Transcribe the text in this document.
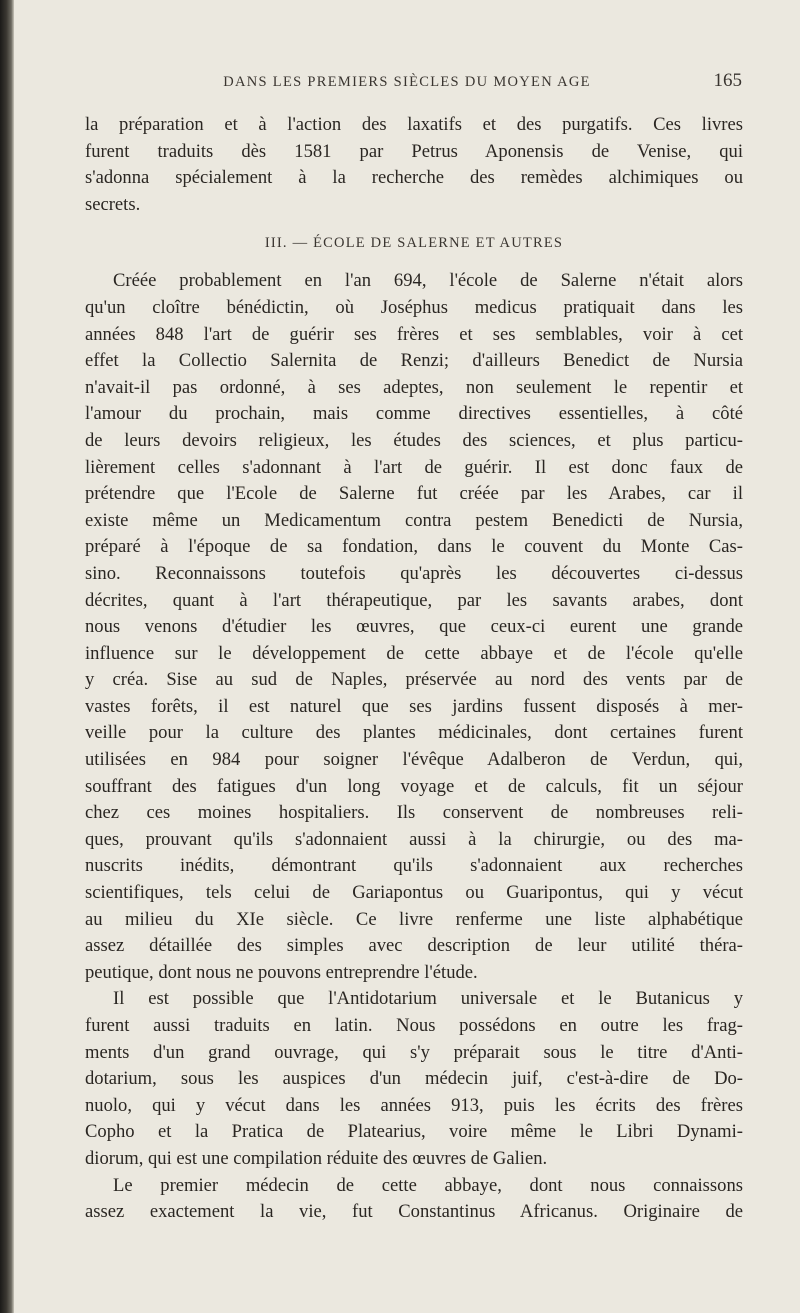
DANS LES PREMIERS SIÈCLES DU MOYEN AGE	165
la préparation et à l'action des laxatifs et des purgatifs. Ces livres
furent traduits dès 1581 par Petrus Aponensis de Venise, qui
s'adonna spécialement à la recherche des remèdes alchimiques ou
secrets.
III. — ÉCOLE DE SALERNE ET AUTRES
Créée probablement en l'an 694, l'école de Salerne n'était alors
qu'un cloître bénédictin, où Joséphus medicus pratiquait dans les
années 848 l'art de guérir ses frères et ses semblables, voir à cet
effet la Collectio Salernita de Renzi; d'ailleurs Benedict de Nursia
n'avait-il pas ordonné, à ses adeptes, non seulement le repentir et
l'amour du prochain, mais comme directives essentielles, à côté
de leurs devoirs religieux, les études des sciences, et plus particu-
lièrement celles s'adonnant à l'art de guérir. Il est donc faux de
prétendre que l'Ecole de Salerne fut créée par les Arabes, car il
existe même un Medicamentum contra pestem Benedicti de Nursia,
préparé à l'époque de sa fondation, dans le couvent du Monte Cas-
sino. Reconnaissons toutefois qu'après les découvertes ci-dessus
décrites, quant à l'art thérapeutique, par les savants arabes, dont
nous venons d'étudier les œuvres, que ceux-ci eurent une grande
influence sur le développement de cette abbaye et de l'école qu'elle
y créa. Sise au sud de Naples, préservée au nord des vents par de
vastes forêts, il est naturel que ses jardins fussent disposés à mer-
veille pour la culture des plantes médicinales, dont certaines furent
utilisées en 984 pour soigner l'évêque Adalberon de Verdun, qui,
souffrant des fatigues d'un long voyage et de calculs, fit un séjour
chez ces moines hospitaliers. Ils conservent de nombreuses reli-
ques, prouvant qu'ils s'adonnaient aussi à la chirurgie, ou des ma-
nuscrits inédits, démontrant qu'ils s'adonnaient aux recherches
scientifiques, tels celui de Gariapontus ou Guaripontus, qui y vécut
au milieu du XIe siècle. Ce livre renferme une liste alphabétique
assez détaillée des simples avec description de leur utilité théra-
peutique, dont nous ne pouvons entreprendre l'étude.
Il est possible que l'Antidotarium universale et le Butanicus y
furent aussi traduits en latin. Nous possédons en outre les frag-
ments d'un grand ouvrage, qui s'y préparait sous le titre d'Anti-
dotarium, sous les auspices d'un médecin juif, c'est-à-dire de Do-
nuolo, qui y vécut dans les années 913, puis les écrits des frères
Copho et la Pratica de Platearius, voire même le Libri Dynami-
diorum, qui est une compilation réduite des œuvres de Galien.
Le premier médecin de cette abbaye, dont nous connaissons
assez exactement la vie, fut Constantinus Africanus. Originaire de
